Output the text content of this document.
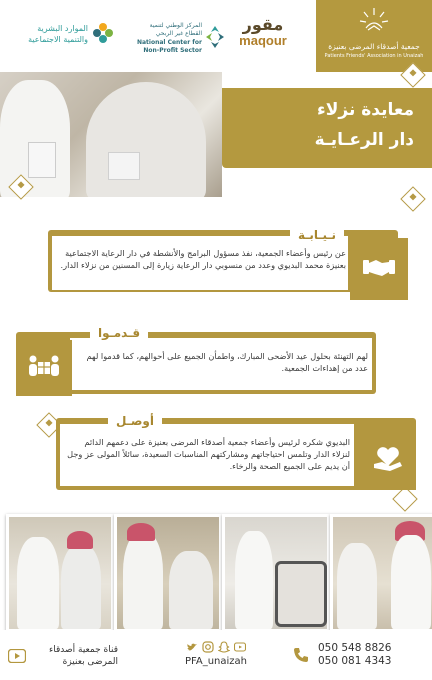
جمعية أصدقاء المرضى بعنيزة
Patients Friends' Association in Unaizah
مقور
maqour
المركز الوطني لتنمية
القطاع غير الربحي
National Center for
Non-Profit Sector
الموارد البشرية
والتنمية الاجتماعية
معايدة نزلاء
دار الرعـايـة
نـيـابـة
عن رئيس وأعضاء الجمعية، نفذ مسؤول البرامج والأنشطة في دار الرعاية الاجتماعية بعنيزة محمد البديوي وعدد من منسوبي دار الرعاية زيارة إلى المسنين من نزلاء الدار.
قـدمـوا
لهم التهنئة بحلول عيد الأضحى المبارك، واطمأن الجميع على أحوالهم، كما قدموا لهم عدد من إهداءات الجمعية.
أوصـل
البديوي شكره لرئيس وأعضاء جمعية أصدقاء المرضى بعنيزة على دعمهم الدائم لنزلاء الدار وتلمس احتياجاتهم ومشاركتهم المناسبات السعيدة، سائلاً المولى عز وجل أن يديم على الجميع الصحة والرخاء.
قناة جمعية أصدقاء
المرضى بعنيزة	PFA_unaizah
050 548 8826
050 081 4343
